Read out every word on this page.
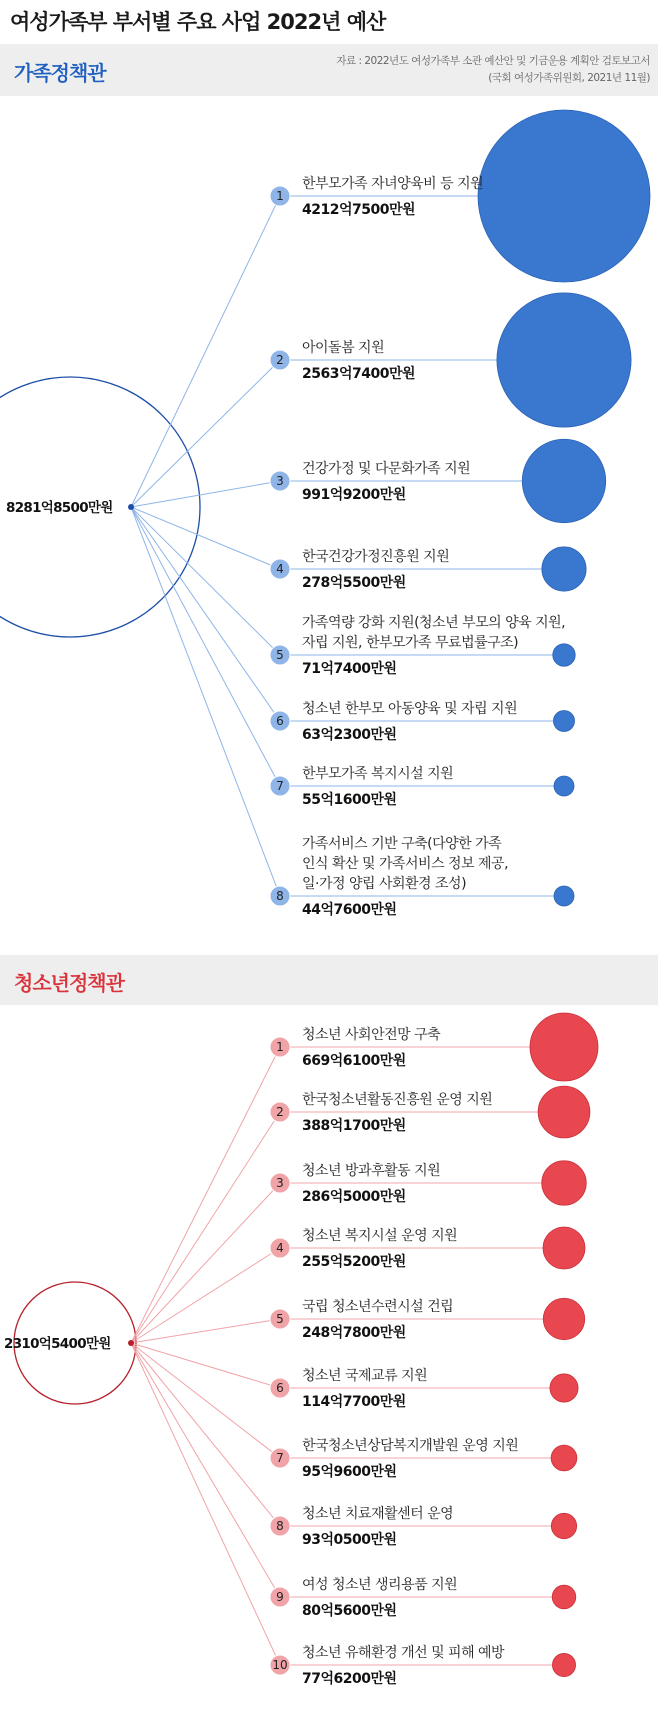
여성가족부 부서별 주요 사업 2022년 예산
가족정책관	자료 : 2022년도 여성가족부 소관 예산안 및 기금운용 계획안 검토보고서
(국회 여성가족위원회, 2021년 11월)
8281억8500만원
1
한부모가족 자녀양육비 등 지원
4212억7500만원
2
아이돌봄 지원
2563억7400만원
3
건강가정 및 다문화가족 지원
991억9200만원
4
한국건강가정진흥원 지원
278억5500만원
5
가족역량 강화 지원(청소년 부모의 양육 지원,
자립 지원, 한부모가족 무료법률구조)
71억7400만원
6
청소년 한부모 아동양육 및 자립 지원
63억2300만원
7
한부모가족 복지시설 지원
55억1600만원
8
가족서비스 기반 구축(다양한 가족
인식 확산 및 가족서비스 정보 제공,
일·가정 양립 사회환경 조성)
44억7600만원
청소년정책관
2310억5400만원
1
청소년 사회안전망 구축
669억6100만원
2
한국청소년활동진흥원 운영 지원
388억1700만원
3
청소년 방과후활동 지원
286억5000만원
4
청소년 복지시설 운영 지원
255억5200만원
5
국립 청소년수련시설 건립
248억7800만원
6
청소년 국제교류 지원
114억7700만원
7
한국청소년상담복지개발원 운영 지원
95억9600만원
8
청소년 치료재활센터 운영
93억0500만원
9
여성 청소년 생리용품 지원
80억5600만원
10
청소년 유해환경 개선 및 피해 예방
77억6200만원
